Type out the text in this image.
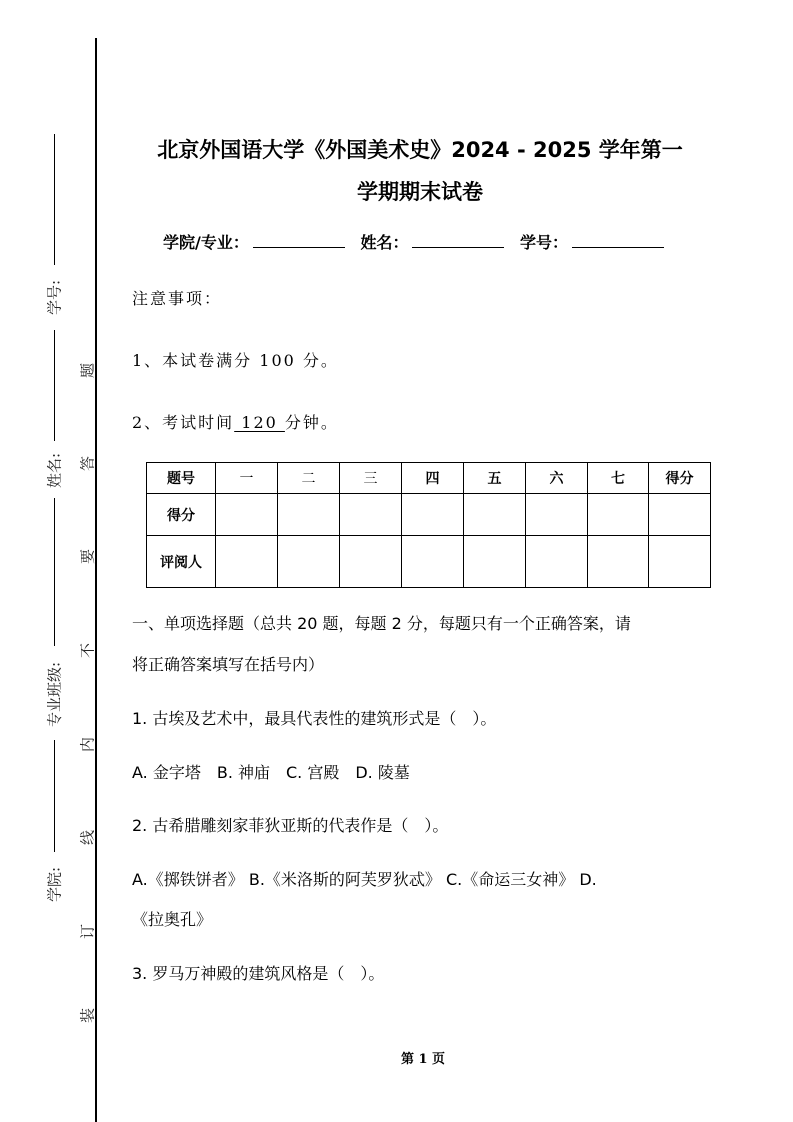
学号:
姓名:
专业班级:
学院:
题
答
要
不
内
线
订
装
北京外国语大学《外国美术史》2024 - 2025 学年第一
学期期末试卷
学院/专业：	姓名：	学号：
注意事项：
1、本试卷满分 100 分。
2、考试时间 120 分钟。
题号	一	二	三	四	五	六	七	得分
得分								
评阅人								
一、单项选择题（总共 20 题，每题 2 分，每题只有一个正确答案，请
将正确答案填写在括号内）
1. 古埃及艺术中，最具代表性的建筑形式是（　）。
A. 金字塔　B. 神庙　C. 宫殿　D. 陵墓
2. 古希腊雕刻家菲狄亚斯的代表作是（　）。
A.《掷铁饼者》 B.《米洛斯的阿芙罗狄忒》 C.《命运三女神》 D.
《拉奥孔》
3. 罗马万神殿的建筑风格是（　）。
第 1 页
